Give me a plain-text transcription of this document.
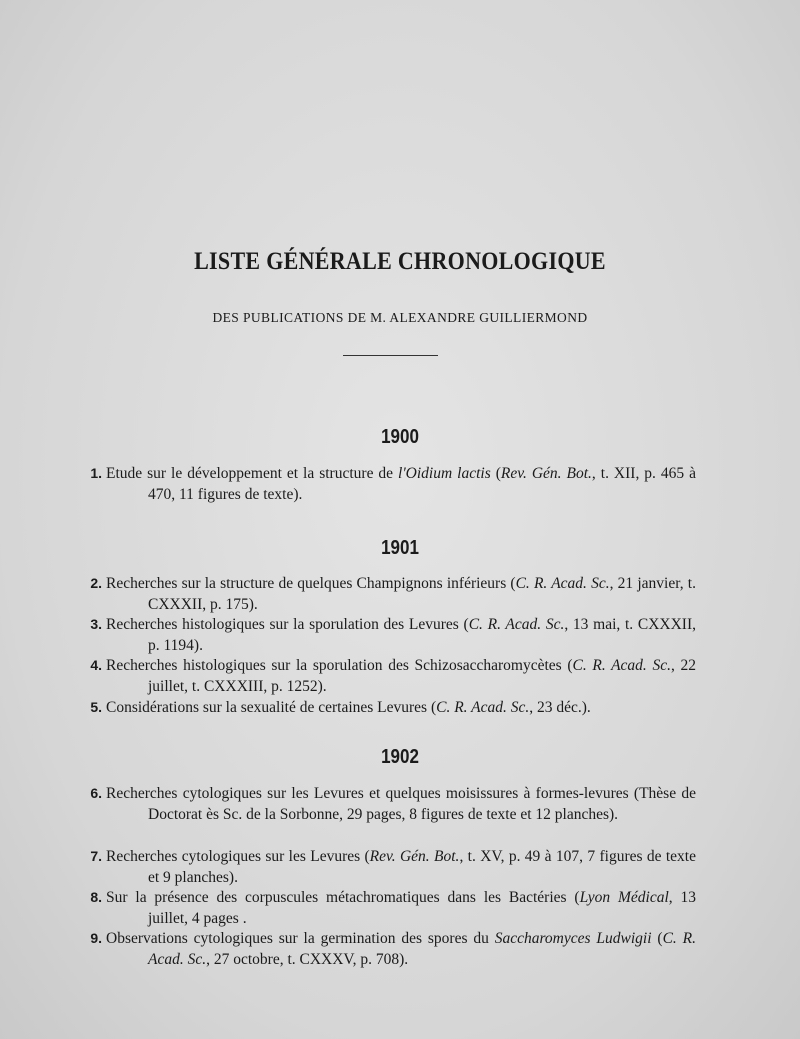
LISTE GÉNÉRALE CHRONOLOGIQUE
DES PUBLICATIONS DE M. ALEXANDRE GUILLIERMOND
1900
1. Etude sur le développement et la structure de l'Oidium lactis (Rev. Gén. Bot., t. XII, p. 465 à 470, 11 figures de texte).
1901
2. Recherches sur la structure de quelques Champignons inférieurs (C. R. Acad. Sc., 21 janvier, t. CXXXII, p. 175).
3. Recherches histologiques sur la sporulation des Levures (C. R. Acad. Sc., 13 mai, t. CXXXII, p. 1194).
4. Recherches histologiques sur la sporulation des Schizosaccharomycètes (C. R. Acad. Sc., 22 juillet, t. CXXXIII, p. 1252).
5. Considérations sur la sexualité de certaines Levures (C. R. Acad. Sc., 23 déc.).
1902
6. Recherches cytologiques sur les Levures et quelques moisissures à formes-levures (Thèse de Doctorat ès Sc. de la Sorbonne, 29 pages, 8 figures de texte et 12 planches).
7. Recherches cytologiques sur les Levures (Rev. Gén. Bot., t. XV, p. 49 à 107, 7 figures de texte et 9 planches).
8. Sur la présence des corpuscules métachromatiques dans les Bactéries (Lyon Médical, 13 juillet, 4 pages .
9. Observations cytologiques sur la germination des spores du Saccharomyces Ludwigii (C. R. Acad. Sc., 27 octobre, t. CXXXV, p. 708).
